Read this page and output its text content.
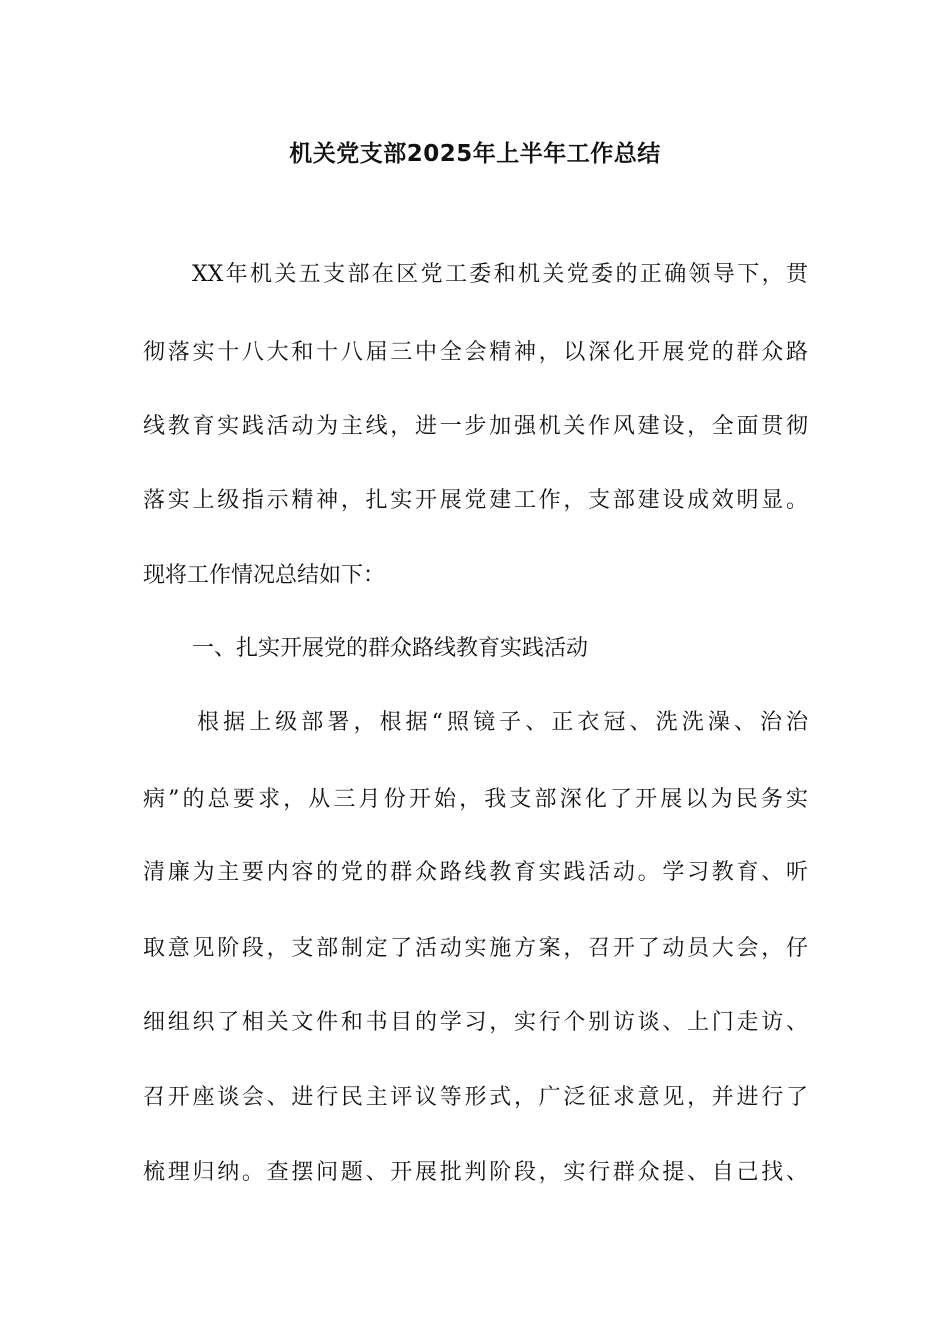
机关党支部2025年上半年工作总结
XX年机关五支部在区党工委和机关党委的正确领导下，贯
彻落实十八大和十八届三中全会精神，以深化开展党的群众路
线教育实践活动为主线，进一步加强机关作风建设，全面贯彻
落实上级指示精神，扎实开展党建工作，支部建设成效明显。
现将工作情况总结如下：
一、扎实开展党的群众路线教育实践活动
根据上级部署，根据“照镜子、正衣冠、洗洗澡、治治
病”的总要求，从三月份开始，我支部深化了开展以为民务实
清廉为主要内容的党的群众路线教育实践活动。学习教育、听
取意见阶段，支部制定了活动实施方案，召开了动员大会，仔
细组织了相关文件和书目的学习，实行个别访谈、上门走访、
召开座谈会、进行民主评议等形式，广泛征求意见，并进行了
梳理归纳。查摆问题、开展批判阶段，实行群众提、自己找、
